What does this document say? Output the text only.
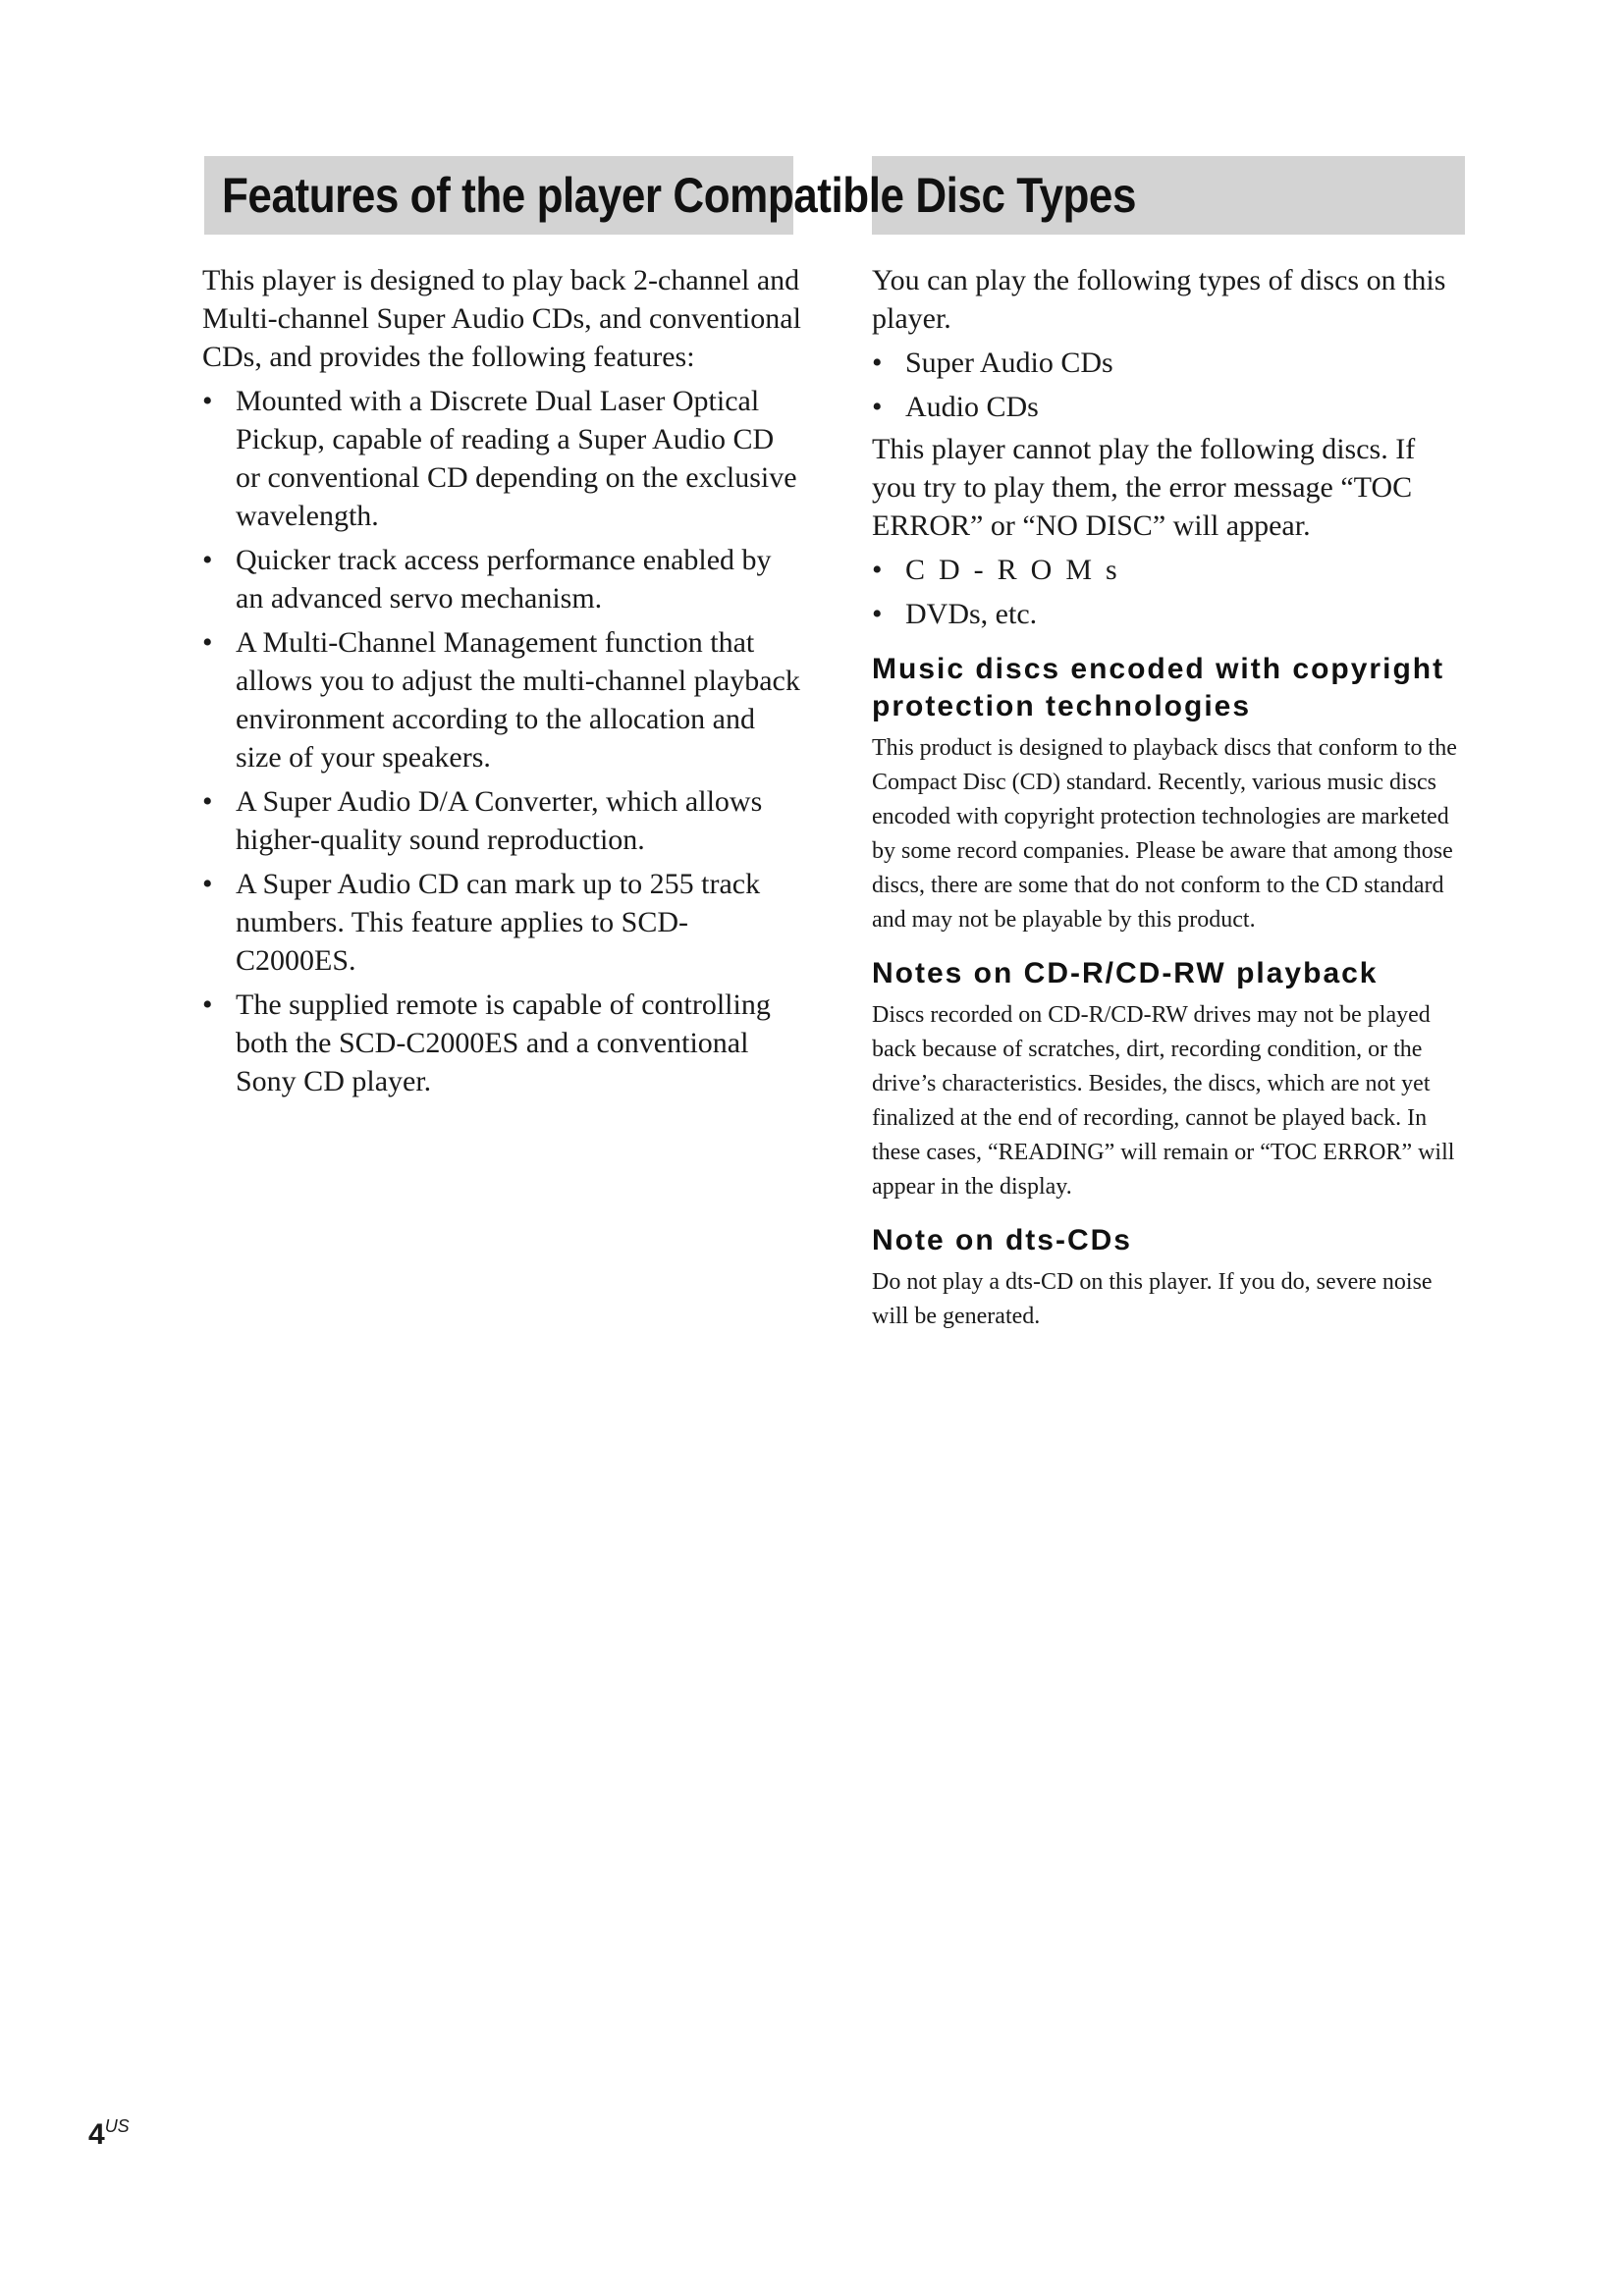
Features of the player Compatible Disc Types

This player is designed to play back 2-channel and Multi-channel Super Audio CDs, and conventional CDs, and provides the following features:

• Mounted with a Discrete Dual Laser Optical Pickup, capable of reading a Super Audio CD or conventional CD depending on the exclusive wavelength.
• Quicker track access performance enabled by an advanced servo mechanism.
• A Multi-Channel Management function that allows you to adjust the multi-channel playback environment according to the allocation and size of your speakers.
• A Super Audio D/A Converter, which allows higher-quality sound reproduction.
• A Super Audio CD can mark up to 255 track numbers. This feature applies to SCD-C2000ES.
• The supplied remote is capable of controlling both the SCD-C2000ES and a conventional Sony CD player.

You can play the following types of discs on this player.

• Super Audio CDs
• Audio CDs

This player cannot play the following discs. If you try to play them, the error message “TOC ERROR” or “NO DISC” will appear.

• CD-ROMs
• DVDs, etc.
Music discs encoded with copyright protection technologies

This product is designed to playback discs that conform to the Compact Disc (CD) standard. Recently, various music discs encoded with copyright protection technologies are marketed by some record companies. Please be aware that among those discs, there are some that do not conform to the CD standard and may not be playable by this product.

Notes on CD-R/CD-RW playback

Discs recorded on CD-R/CD-RW drives may not be played back because of scratches, dirt, recording condition, or the drive’s characteristics. Besides, the discs, which are not yet finalized at the end of recording, cannot be played back. In these cases, “READING” will remain or “TOC ERROR” will appear in the display.

Note on dts-CDs

Do not play a dts-CD on this player. If you do, severe noise will be generated.

$4^{US}$
